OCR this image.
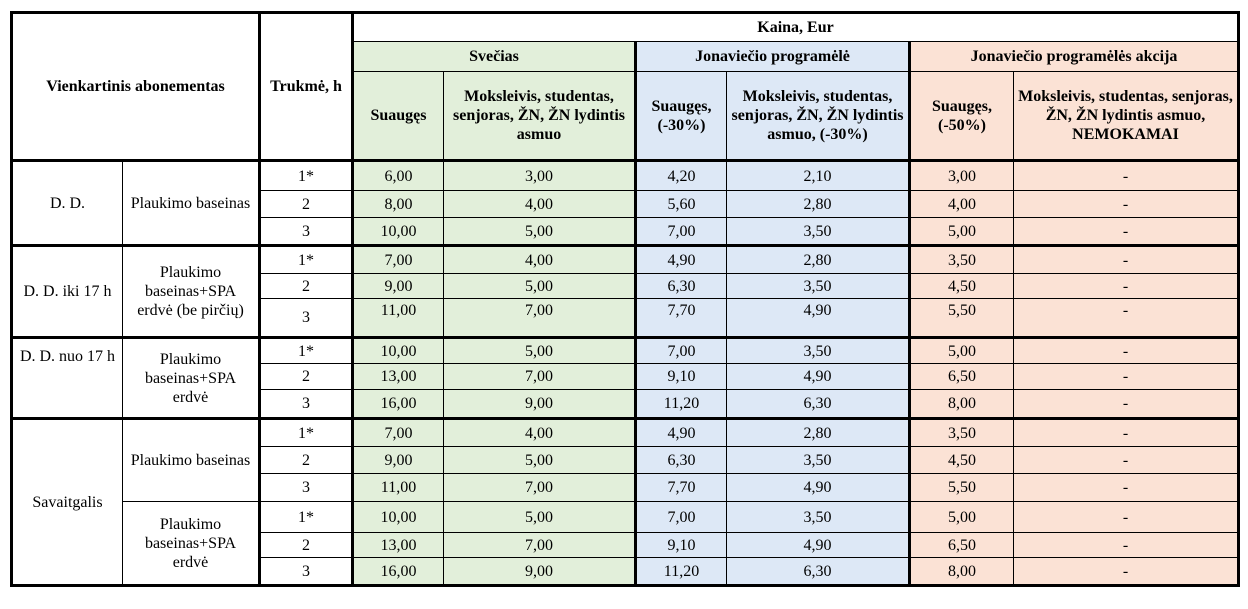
Vienkartinis abonementas		Trukmė, h	Kaina, Eur					
			Svečias		Jonaviečio programėlė		Jonaviečio programėlės akcija	
			Suaugęs	Moksleivis, studentas, senjoras, ŽN, ŽN lydintis asmuo	Suaugęs, (-30%)	Moksleivis, studentas, senjoras, ŽN, ŽN lydintis asmuo, (-30%)	Suaugęs, (-50%)	Moksleivis, studentas, senjoras, ŽN, ŽN lydintis asmuo, NEMOKAMAI
D. D.	Plaukimo baseinas	1*	6,00	3,00	4,20	2,10	3,00	-
		2	8,00	4,00	5,60	2,80	4,00	-
		3	10,00	5,00	7,00	3,50	5,00	-
D. D. iki 17 h	Plaukimo baseinas+SPA erdvė (be pirčių)	1*	7,00	4,00	4,90	2,80	3,50	-
		2	9,00	5,00	6,30	3,50	4,50	-
		3	11,00	7,00	7,70	4,90	5,50	-
D. D. nuo 17 h	Plaukimo baseinas+SPA erdvė	1*	10,00	5,00	7,00	3,50	5,00	-
		2	13,00	7,00	9,10	4,90	6,50	-
		3	16,00	9,00	11,20	6,30	8,00	-
Savaitgalis	Plaukimo baseinas	1*	7,00	4,00	4,90	2,80	3,50	-
		2	9,00	5,00	6,30	3,50	4,50	-
		3	11,00	7,00	7,70	4,90	5,50	-
	Plaukimo baseinas+SPA erdvė	1*	10,00	5,00	7,00	3,50	5,00	-
		2	13,00	7,00	9,10	4,90	6,50	-
		3	16,00	9,00	11,20	6,30	8,00	-
